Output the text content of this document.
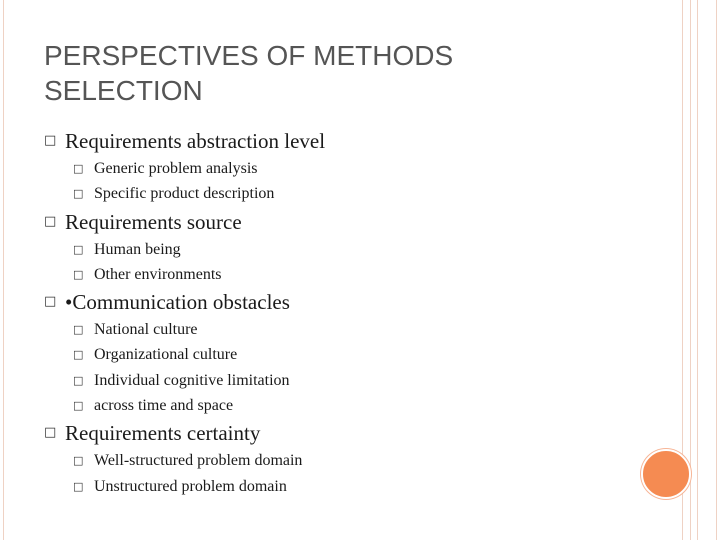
PERSPECTIVES OF METHODS
SELECTION
□ Requirements abstraction level
□ Generic problem analysis
□ Specific product description
□ Requirements source
□ Human being
□ Other environments
□ •Communication obstacles
□ National culture
□ Organizational culture
□ Individual cognitive limitation
□ across time and space
□ Requirements certainty
□ Well-structured problem domain
□ Unstructured problem domain
